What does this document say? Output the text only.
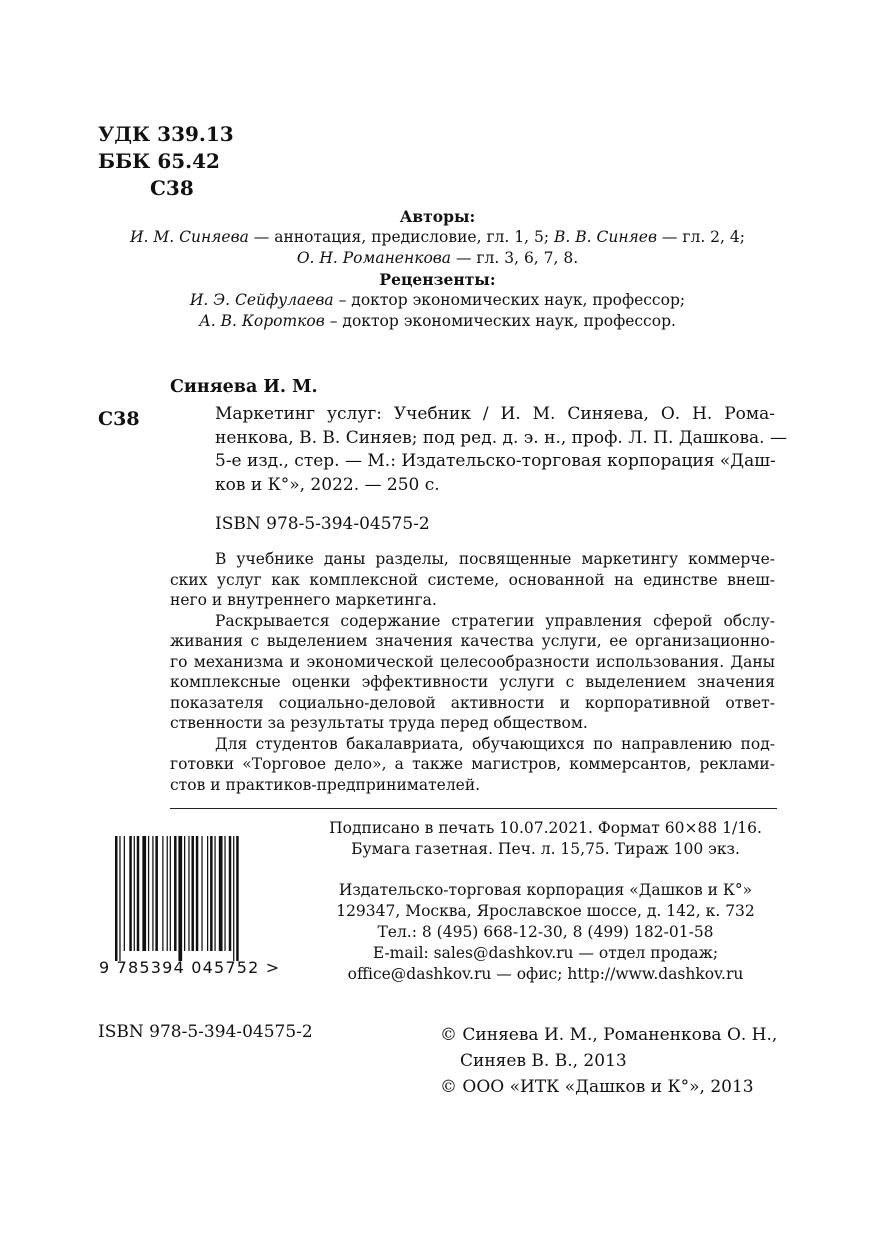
УДК 339.13
ББК 65.42
С38
Авторы:
И. М. Синяева — аннотация, предисловие, гл. 1, 5; В. В. Синяев — гл. 2, 4;
О. Н. Романенкова — гл. 3, 6, 7, 8.
Рецензенты:
И. Э. Сейфулаева – доктор экономических наук, профессор;
А. В. Коротков – доктор экономических наук, профессор.
Синяева И. М.
С38	Маркетинг услуг: Учебник / И. М. Синяева, О. Н. Рома-
ненкова, В. В. Синяев; под ред. д. э. н., проф. Л. П. Дашкова. —
5-е изд., стер. — М.: Издательско-торговая корпорация «Даш-
ков и К°», 2022. — 250 с.
ISBN 978-5-394-04575-2
В учебнике даны разделы, посвященные маркетингу коммерче-
ских услуг как комплексной системе, основанной на единстве внеш-
него и внутреннего маркетинга.
Раскрывается содержание стратегии управления сферой обслу-
живания с выделением значения качества услуги, ее организационно-
го механизма и экономической целесообразности использования. Даны
комплексные оценки эффективности услуги с выделением значения
показателя социально-деловой активности и корпоративной ответ-
ственности за результаты труда перед обществом.
Для студентов бакалавриата, обучающихся по направлению под-
готовки «Торговое дело», а также магистров, коммерсантов, реклами-
стов и практиков-предпринимателей.
Подписано в печать 10.07.2021. Формат 60×88 1/16.
Бумага газетная. Печ. л. 15,75. Тираж 100 экз.
Издательско-торговая корпорация «Дашков и К°»
129347, Москва, Ярославское шоссе, д. 142, к. 732
Тел.: 8 (495) 668-12-30, 8 (499) 182-01-58
E-mail: sales@dashkov.ru — отдел продаж;
office@dashkov.ru — офис; http://www.dashkov.ru
9 785394 045752 >
ISBN 978-5-394-04575-2	© Синяева И. М., Романенкова О. Н.,
Синяев В. В., 2013
© ООО «ИТК «Дашков и К°», 2013
